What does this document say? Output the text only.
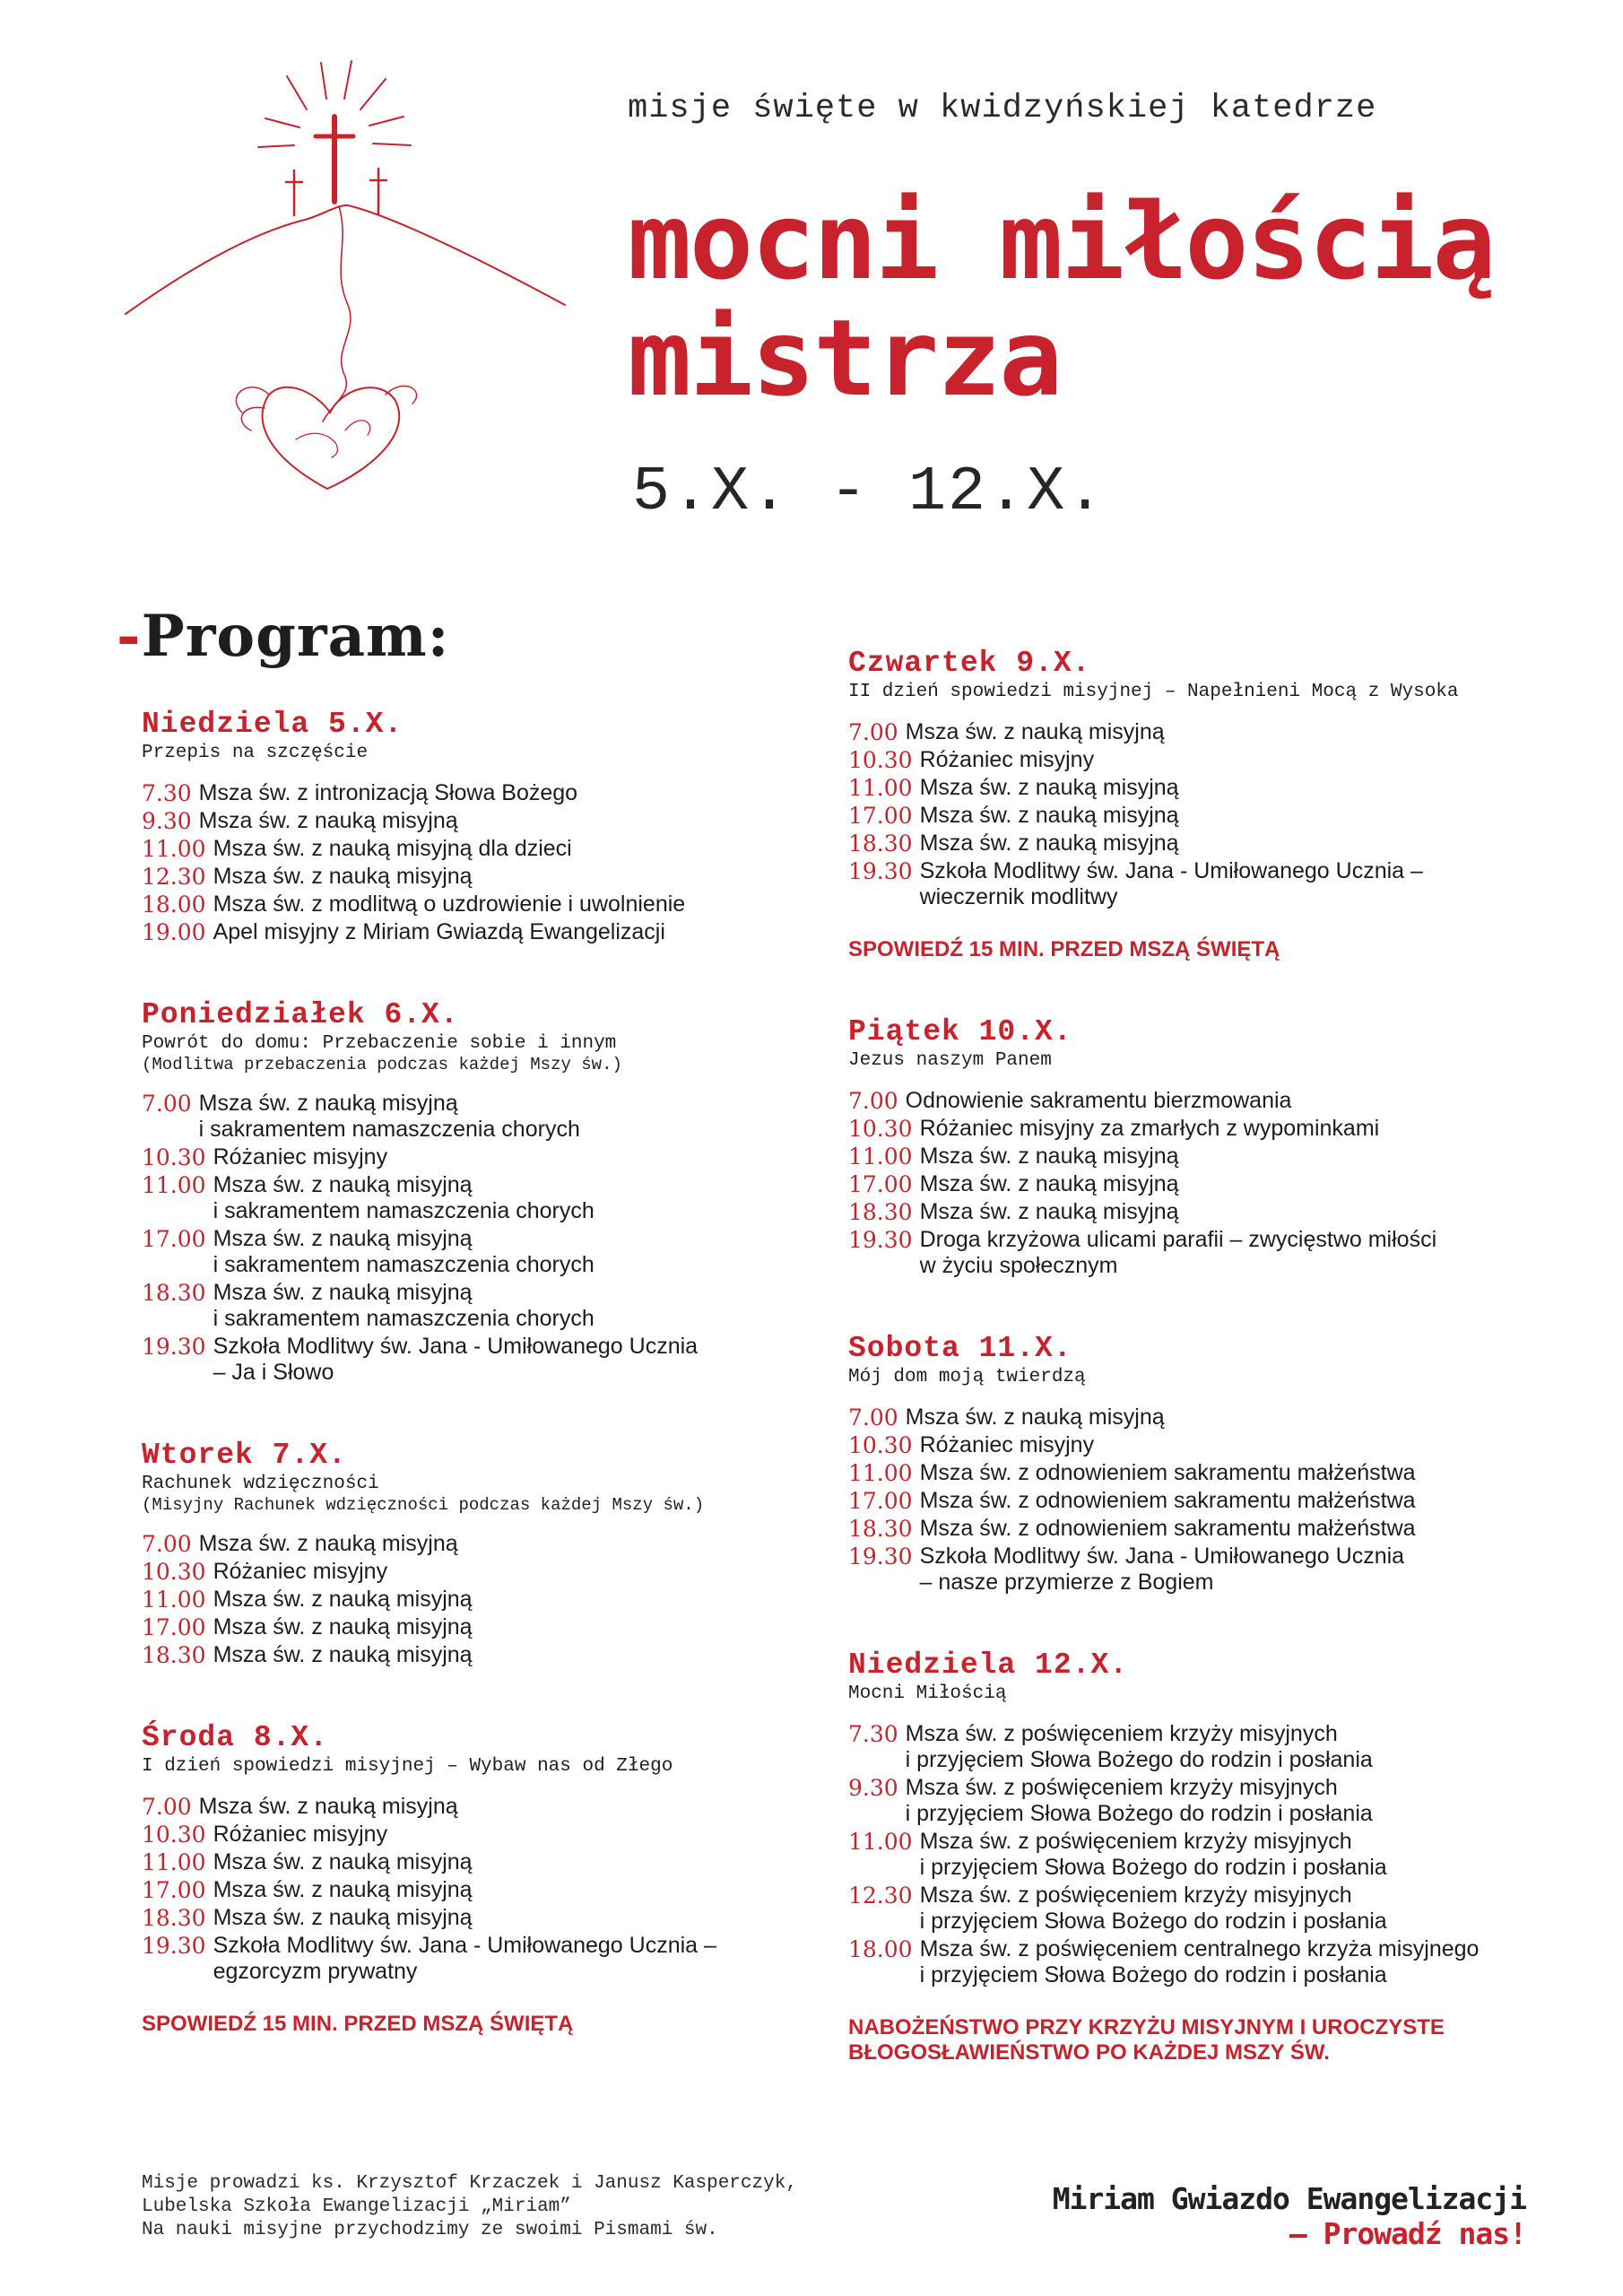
misje święte w kwidzyńskiej katedrze
mocni miłością
mistrza
5.X. - 12.X.
-Program:
Niedziela 5.X.
Przepis na szczęście
7.30 Msza św. z intronizacją Słowa Bożego
9.30 Msza św. z nauką misyjną
11.00 Msza św. z nauką misyjną dla dzieci
12.30 Msza św. z nauką misyjną
18.00 Msza św. z modlitwą o uzdrowienie i uwolnienie
19.00 Apel misyjny z Miriam Gwiazdą Ewangelizacji
Poniedziałek 6.X.
Powrót do domu: Przebaczenie sobie i innym
(Modlitwa przebaczenia podczas każdej Mszy św.)
7.00 Msza św. z nauką misyjną
i sakramentem namaszczenia chorych
10.30 Różaniec misyjny
11.00 Msza św. z nauką misyjną
i sakramentem namaszczenia chorych
17.00 Msza św. z nauką misyjną
i sakramentem namaszczenia chorych
18.30 Msza św. z nauką misyjną
i sakramentem namaszczenia chorych
19.30 Szkoła Modlitwy św. Jana - Umiłowanego Ucznia
– Ja i Słowo
Wtorek 7.X.
Rachunek wdzięczności
(Misyjny Rachunek wdzięczności podczas każdej Mszy św.)
7.00 Msza św. z nauką misyjną
10.30 Różaniec misyjny
11.00 Msza św. z nauką misyjną
17.00 Msza św. z nauką misyjną
18.30 Msza św. z nauką misyjną
Środa 8.X.
I dzień spowiedzi misyjnej – Wybaw nas od Złego
7.00 Msza św. z nauką misyjną
10.30 Różaniec misyjny
11.00 Msza św. z nauką misyjną
17.00 Msza św. z nauką misyjną
18.30 Msza św. z nauką misyjną
19.30 Szkoła Modlitwy św. Jana - Umiłowanego Ucznia –
egzorcyzm prywatny
SPOWIEDŹ 15 MIN. PRZED MSZĄ ŚWIĘTĄ
Czwartek 9.X.
II dzień spowiedzi misyjnej – Napełnieni Mocą z Wysoka
7.00 Msza św. z nauką misyjną
10.30 Różaniec misyjny
11.00 Msza św. z nauką misyjną
17.00 Msza św. z nauką misyjną
18.30 Msza św. z nauką misyjną
19.30 Szkoła Modlitwy św. Jana - Umiłowanego Ucznia –
wieczernik modlitwy
SPOWIEDŹ 15 MIN. PRZED MSZĄ ŚWIĘTĄ
Piątek 10.X.
Jezus naszym Panem
7.00 Odnowienie sakramentu bierzmowania
10.30 Różaniec misyjny za zmarłych z wypominkami
11.00 Msza św. z nauką misyjną
17.00 Msza św. z nauką misyjną
18.30 Msza św. z nauką misyjną
19.30 Droga krzyżowa ulicami parafii – zwycięstwo miłości
w życiu społecznym
Sobota 11.X.
Mój dom moją twierdzą
7.00 Msza św. z nauką misyjną
10.30 Różaniec misyjny
11.00 Msza św. z odnowieniem sakramentu małżeństwa
17.00 Msza św. z odnowieniem sakramentu małżeństwa
18.30 Msza św. z odnowieniem sakramentu małżeństwa
19.30 Szkoła Modlitwy św. Jana - Umiłowanego Ucznia
– nasze przymierze z Bogiem
Niedziela 12.X.
Mocni Miłością
7.30 Msza św. z poświęceniem krzyży misyjnych
i przyjęciem Słowa Bożego do rodzin i posłania
9.30 Msza św. z poświęceniem krzyży misyjnych
i przyjęciem Słowa Bożego do rodzin i posłania
11.00 Msza św. z poświęceniem krzyży misyjnych
i przyjęciem Słowa Bożego do rodzin i posłania
12.30 Msza św. z poświęceniem krzyży misyjnych
i przyjęciem Słowa Bożego do rodzin i posłania
18.00 Msza św. z poświęceniem centralnego krzyża misyjnego
i przyjęciem Słowa Bożego do rodzin i posłania
NABOŻEŃSTWO PRZY KRZYŻU MISYJNYM I UROCZYSTE
BŁOGOSŁAWIEŃSTWO PO KAŻDEJ MSZY ŚW.
Misje prowadzi ks. Krzysztof Krzaczek i Janusz Kasperczyk,
Lubelska Szkoła Ewangelizacji „Miriam”
Na nauki misyjne przychodzimy ze swoimi Pismami św.
Miriam Gwiazdo Ewangelizacji
– Prowadź nas!
